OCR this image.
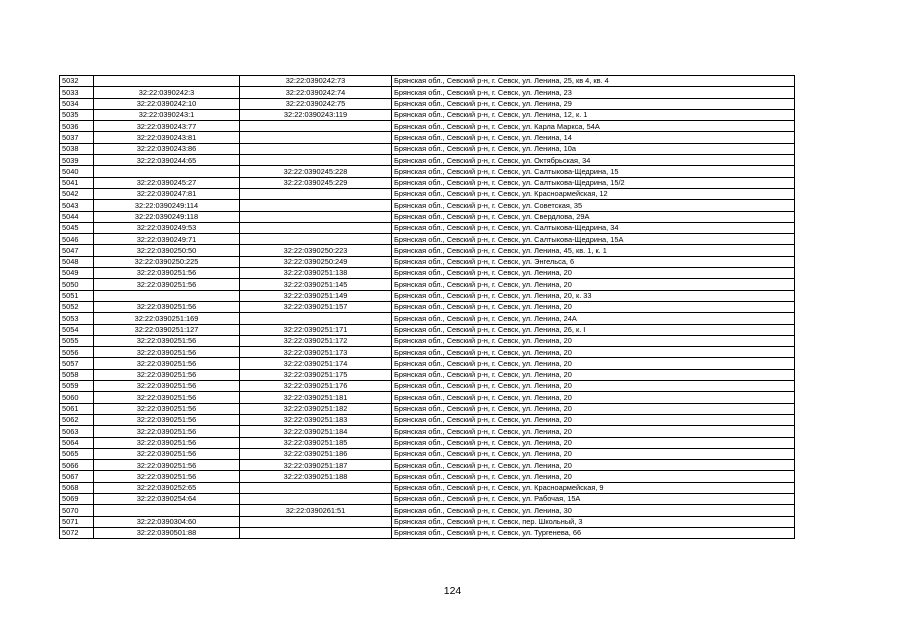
5032		32:22:0390242:73	Брянская обл., Севский р-н, г. Севск, ул. Ленина, 25, кв 4, кв. 4
5033	32:22:0390242:3	32:22:0390242:74	Брянская обл., Севский р-н, г. Севск, ул. Ленина, 23
5034	32:22:0390242:10	32:22:0390242:75	Брянская обл., Севский р-н, г. Севск, ул. Ленина, 29
5035	32:22:0390243:1	32:22:0390243:119	Брянская обл., Севский р-н, г. Севск, ул. Ленина, 12, к. 1
5036	32:22:0390243:77		Брянская обл., Севский р-н, г. Севск, ул. Карла Маркса, 54А
5037	32:22:0390243:81		Брянская обл., Севский р-н, г. Севск, ул. Ленина, 14
5038	32:22:0390243:86		Брянская обл., Севский р-н, г. Севск, ул. Ленина, 10а
5039	32:22:0390244:65		Брянская обл., Севский р-н, г. Севск, ул. Октябрьская, 34
5040		32:22:0390245:228	Брянская обл., Севский р-н, г. Севск, ул. Салтыкова-Щедрина, 15
5041	32:22:0390245:27	32:22:0390245:229	Брянская обл., Севский р-н, г. Севск, ул. Салтыкова-Щедрина, 15/2
5042	32:22:0390247:81		Брянская обл., Севский р-н, г. Севск, ул. Красноармейская, 12
5043	32:22:0390249:114		Брянская обл., Севский р-н, г. Севск, ул. Советская, 35
5044	32:22:0390249:118		Брянская обл., Севский р-н, г. Севск, ул. Свердлова, 29А
5045	32:22:0390249:53		Брянская обл., Севский р-н, г. Севск, ул. Салтыкова-Щедрина, 34
5046	32:22:0390249:71		Брянская обл., Севский р-н, г. Севск, ул. Салтыкова-Щедрина, 15А
5047	32:22:0390250:50	32:22:0390250:223	Брянская обл., Севский р-н, г. Севск, ул. Ленина, 45, кв. 1, к. 1
5048	32:22:0390250:225	32:22:0390250:249	Брянская обл., Севский р-н, г. Севск, ул. Энгельса, 6
5049	32:22:0390251:56	32:22:0390251:138	Брянская обл., Севский р-н, г. Севск, ул. Ленина, 20
5050	32:22:0390251:56	32:22:0390251:145	Брянская обл., Севский р-н, г. Севск, ул. Ленина, 20
5051		32:22:0390251:149	Брянская обл., Севский р-н, г. Севск, ул. Ленина, 20, к. 33
5052	32:22:0390251:56	32:22:0390251:157	Брянская обл., Севский р-н, г. Севск, ул. Ленина, 20
5053	32:22:0390251:169		Брянская обл., Севский р-н, г. Севск, ул. Ленина, 24А
5054	32:22:0390251:127	32:22:0390251:171	Брянская обл., Севский р-н, г. Севск, ул. Ленина, 26, к. I
5055	32:22:0390251:56	32:22:0390251:172	Брянская обл., Севский р-н, г. Севск, ул. Ленина, 20
5056	32:22:0390251:56	32:22:0390251:173	Брянская обл., Севский р-н, г. Севск, ул. Ленина, 20
5057	32:22:0390251:56	32:22:0390251:174	Брянская обл., Севский р-н, г. Севск, ул. Ленина, 20
5058	32:22:0390251:56	32:22:0390251:175	Брянская обл., Севский р-н, г. Севск, ул. Ленина, 20
5059	32:22:0390251:56	32:22:0390251:176	Брянская обл., Севский р-н, г. Севск, ул. Ленина, 20
5060	32:22:0390251:56	32:22:0390251:181	Брянская обл., Севский р-н, г. Севск, ул. Ленина, 20
5061	32:22:0390251:56	32:22:0390251:182	Брянская обл., Севский р-н, г. Севск, ул. Ленина, 20
5062	32:22:0390251:56	32:22:0390251:183	Брянская обл., Севский р-н, г. Севск, ул. Ленина, 20
5063	32:22:0390251:56	32:22:0390251:184	Брянская обл., Севский р-н, г. Севск, ул. Ленина, 20
5064	32:22:0390251:56	32:22:0390251:185	Брянская обл., Севский р-н, г. Севск, ул. Ленина, 20
5065	32:22:0390251:56	32:22:0390251:186	Брянская обл., Севский р-н, г. Севск, ул. Ленина, 20
5066	32:22:0390251:56	32:22:0390251:187	Брянская обл., Севский р-н, г. Севск, ул. Ленина, 20
5067	32:22:0390251:56	32:22:0390251:188	Брянская обл., Севский р-н, г. Севск, ул. Ленина, 20
5068	32:22:0390252:65		Брянская обл., Севский р-н, г. Севск, ул. Красноармейская, 9
5069	32:22:0390254:64		Брянская обл., Севский р-н, г. Севск, ул. Рабочая, 15А
5070		32:22:0390261:51	Брянская обл., Севский р-н, г. Севск, ул. Ленина, 30
5071	32:22:0390304:60		Брянская обл., Севский р-н, г. Севск, пер. Школьный, 3
5072	32:22:0390501:88		Брянская обл., Севский р-н, г. Севск, ул. Тургенева, 66
124
